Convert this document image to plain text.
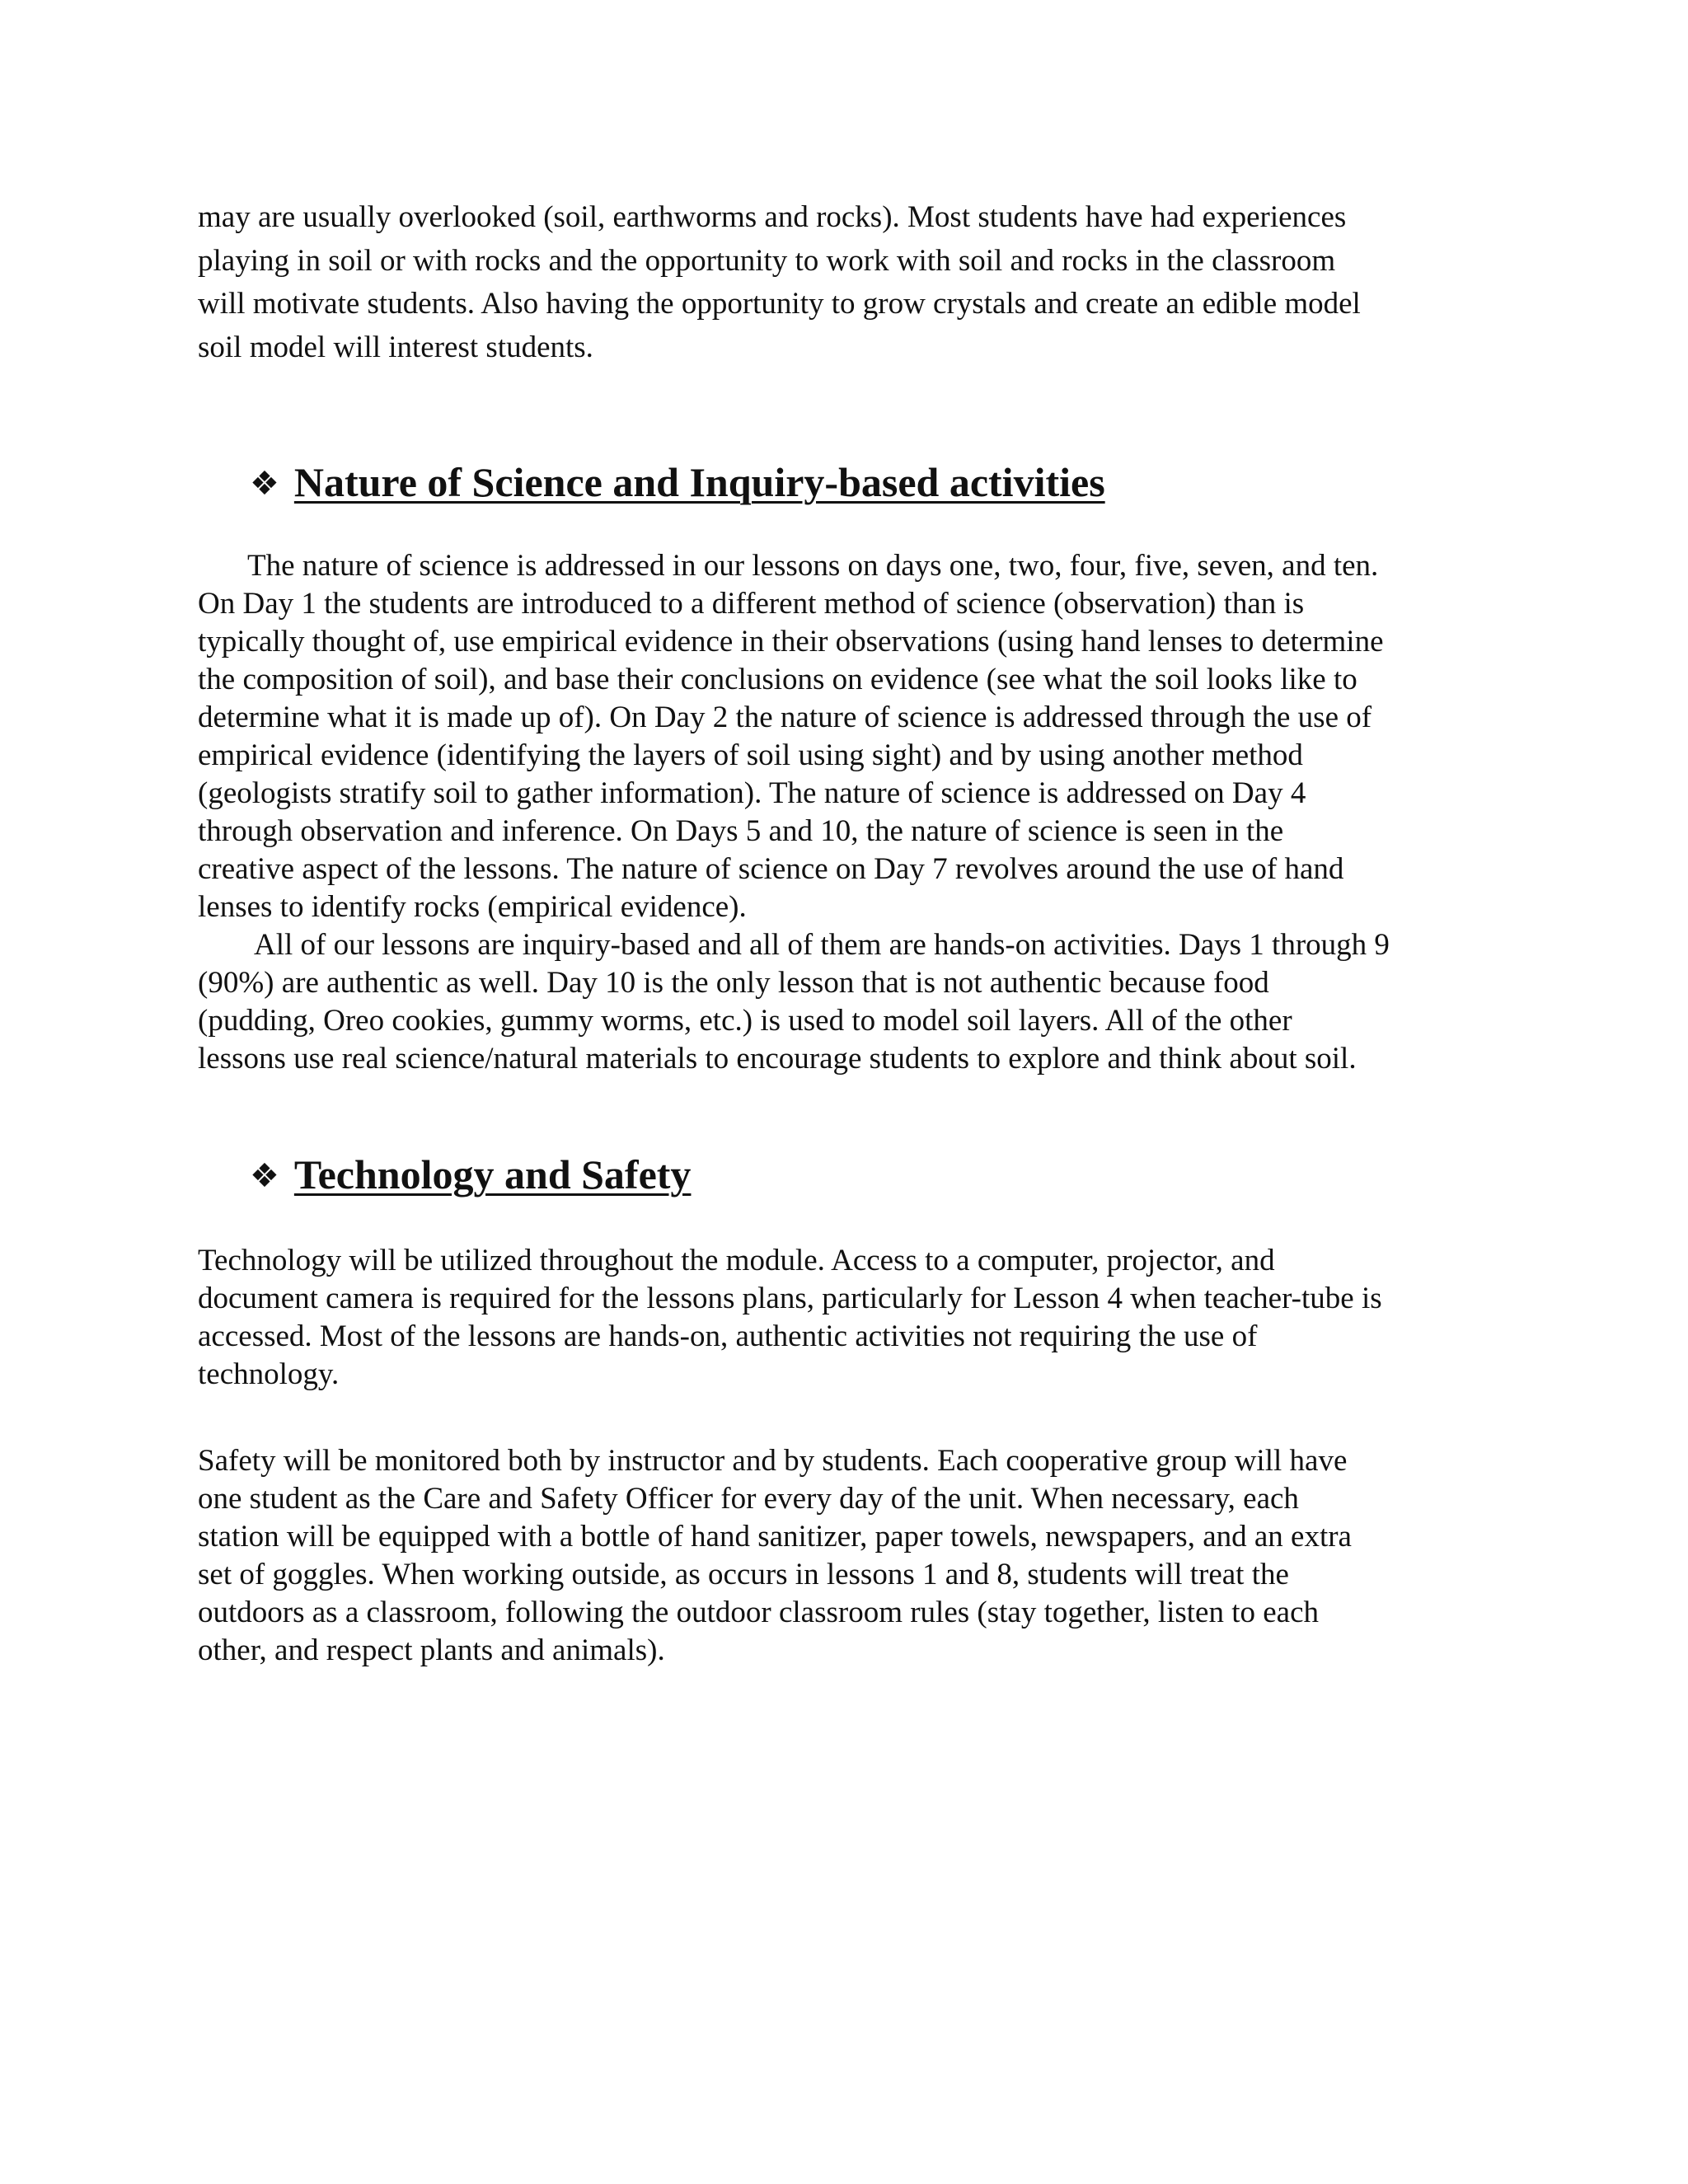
may are usually overlooked (soil, earthworms and rocks). Most students have had experiences
playing in soil or with rocks and the opportunity to work with soil and rocks in the classroom
will motivate students. Also having the opportunity to grow crystals and create an edible model
soil model will interest students.

❖ Nature of Science and Inquiry-based activities

The nature of science is addressed in our lessons on days one, two, four, five, seven, and ten.
On Day 1 the students are introduced to a different method of science (observation) than is
typically thought of, use empirical evidence in their observations (using hand lenses to determine
the composition of soil), and base their conclusions on evidence (see what the soil looks like to
determine what it is made up of). On Day 2 the nature of science is addressed through the use of
empirical evidence (identifying the layers of soil using sight) and by using another method
(geologists stratify soil to gather information). The nature of science is addressed on Day 4
through observation and inference. On Days 5 and 10, the nature of science is seen in the
creative aspect of the lessons. The nature of science on Day 7 revolves around the use of hand
lenses to identify rocks (empirical evidence).

All of our lessons are inquiry-based and all of them are hands-on activities. Days 1 through 9
(90%) are authentic as well. Day 10 is the only lesson that is not authentic because food
(pudding, Oreo cookies, gummy worms, etc.) is used to model soil layers. All of the other
lessons use real science/natural materials to encourage students to explore and think about soil.

❖ Technology and Safety

Technology will be utilized throughout the module. Access to a computer, projector, and
document camera is required for the lessons plans, particularly for Lesson 4 when teacher-tube is
accessed. Most of the lessons are hands-on, authentic activities not requiring the use of
technology.

Safety will be monitored both by instructor and by students. Each cooperative group will have
one student as the Care and Safety Officer for every day of the unit. When necessary, each
station will be equipped with a bottle of hand sanitizer, paper towels, newspapers, and an extra
set of goggles. When working outside, as occurs in lessons 1 and 8, students will treat the
outdoors as a classroom, following the outdoor classroom rules (stay together, listen to each
other, and respect plants and animals).
